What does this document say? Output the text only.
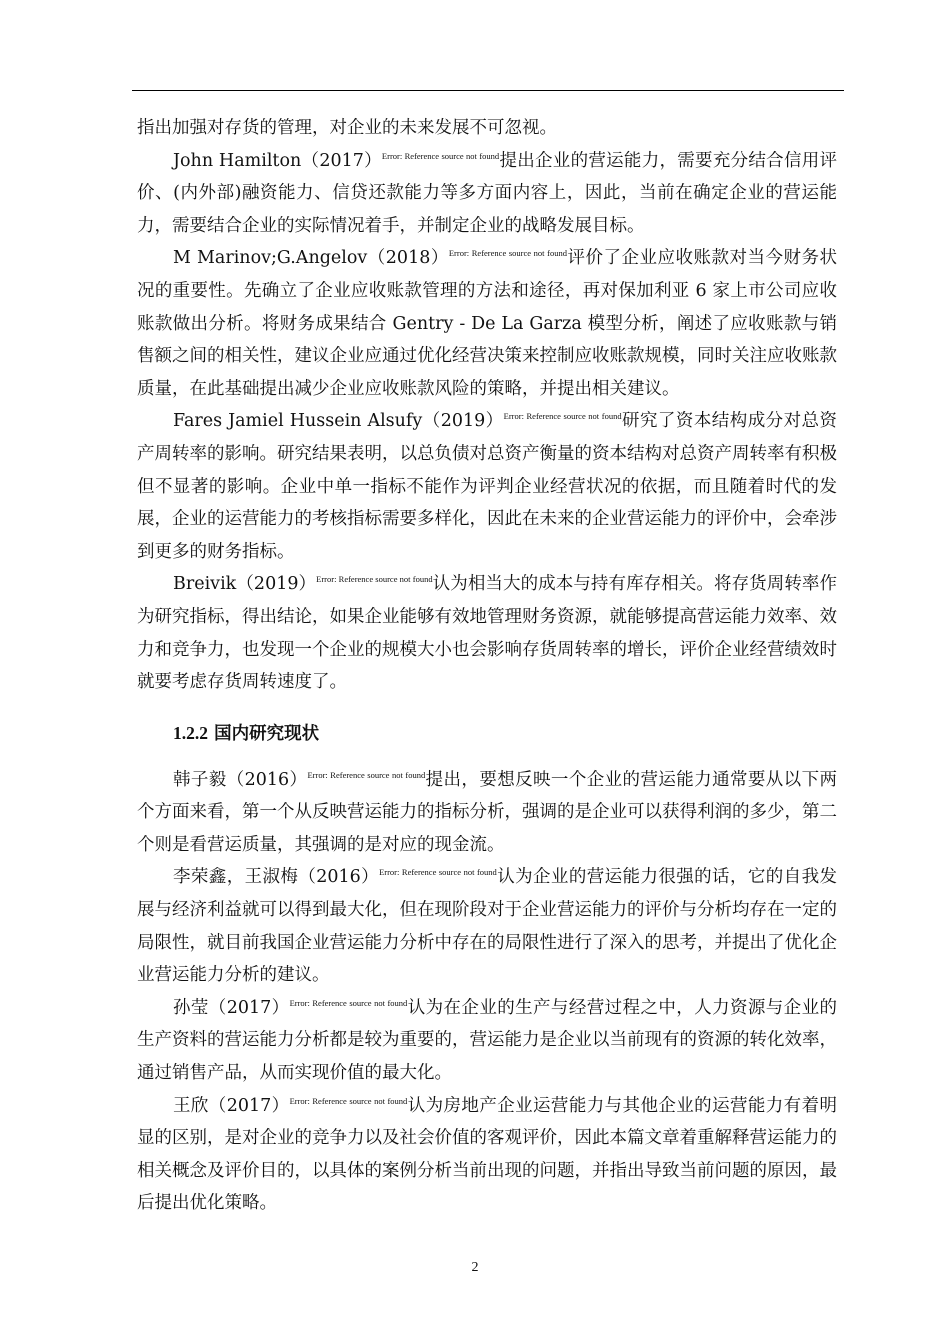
指出加强对存货的管理，对企业的未来发展不可忽视。

John $Hamilton(2017)^{Error: Reference source not found}$提出企业的营运能力，需要充分结合信用评价、(内外部)融资能力、信贷还款能力等多方面内容上，因此，当前在确定企业的营运能力，需要结合企业的实际情况着手，并制定企业的战略发展目标。

M $Marinov;G.Angelov(2018)^{Error: Reference source not found}$评价了企业应收账款对当今财务状况的重要性。先确立了企业应收账款管理的方法和途径，再对保加利亚 6 家上市公司应收账款做出分析。将财务成果结合 Gentry - De La Garza 模型分析，阐述了应收账款与销售额之间的相关性，建议企业应通过优化经营决策来控制应收账款规模，同时关注应收账款质量，在此基础提出减少企业应收账款风险的策略，并提出相关建议。

Fares Jamiel Hussein $Alsufy(2019)^{Error: Reference source not found}$研究了资本结构成分对总资产周转率的影响。研究结果表明，以总负债对总资产衡量的资本结构对总资产周转率有积极但不显著的影响。企业中单一指标不能作为评判企业经营状况的依据，而且随着时代的发展，企业的运营能力的考核指标需要多样化，因此在未来的企业营运能力的评价中，会牵涉到更多的财务指标。

$Breivik(2019)^{Error: Reference source not found}$认为相当大的成本与持有库存相关。将存货周转率作为研究指标，得出结论，如果企业能够有效地管理财务资源，就能够提高营运能力效率、效力和竞争力，也发现一个企业的规模大小也会影响存货周转率的增长，评价企业经营绩效时就要考虑存货周转速度了。

1.2.2 国内研究现状

韩子毅$(2016)^{Error: Reference source not found}$提出，要想反映一个企业的营运能力通常要从以下两个方面来看，第一个从反映营运能力的指标分析，强调的是企业可以获得利润的多少，第二个则是看营运质量，其强调的是对应的现金流。

李荣鑫，王淑梅$(2016)^{Error: Reference source not found}$认为企业的营运能力很强的话，它的自我发展与经济利益就可以得到最大化，但在现阶段对于企业营运能力的评价与分析均存在一定的局限性，就目前我国企业营运能力分析中存在的局限性进行了深入的思考，并提出了优化企业营运能力分析的建议。

孙莹$(2017)^{Error: Reference source not found}$认为在企业的生产与经营过程之中，人力资源与企业的生产资料的营运能力分析都是较为重要的，营运能力是企业以当前现有的资源的转化效率，通过销售产品，从而实现价值的最大化。

王欣$(2017)^{Error: Reference source not found}$认为房地产企业运营能力与其他企业的运营能力有着明显的区别，是对企业的竞争力以及社会价值的客观评价，因此本篇文章着重解释营运能力的相关概念及评价目的，以具体的案例分析当前出现的问题，并指出导致当前问题的原因，最后提出优化策略。

2
